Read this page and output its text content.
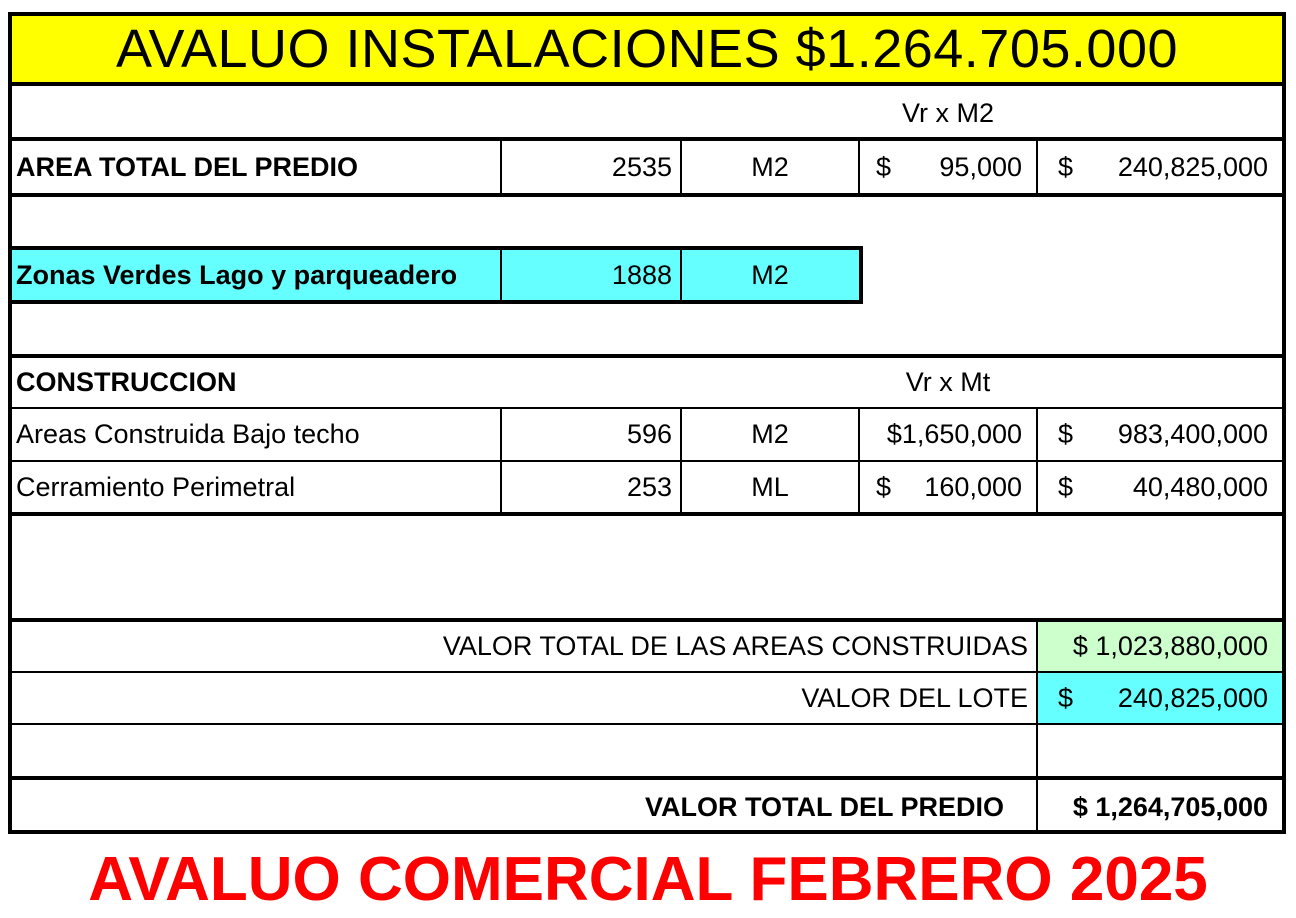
AVALUO INSTALACIONES $1.264.705.000
Vr x M2
AREA TOTAL DEL PREDIO	2535	M2	$ 95,000 $ 240,825,000
Zonas Verdes Lago y parqueadero	1888	M2
CONSTRUCCION	Vr x Mt
Areas Construida Bajo techo	596	M2	$1,650,000	$ 983,400,000
Cerramiento Perimetral	253	ML	$ 160,000 $ 40,480,000
VALOR TOTAL DE LAS AREAS CONSTRUIDAS	$ 1,023,880,000
VALOR DEL LOTE $ 240,825,000
VALOR TOTAL DEL PREDIO	$ 1,264,705,000
AVALUO COMERCIAL FEBRERO 2025
